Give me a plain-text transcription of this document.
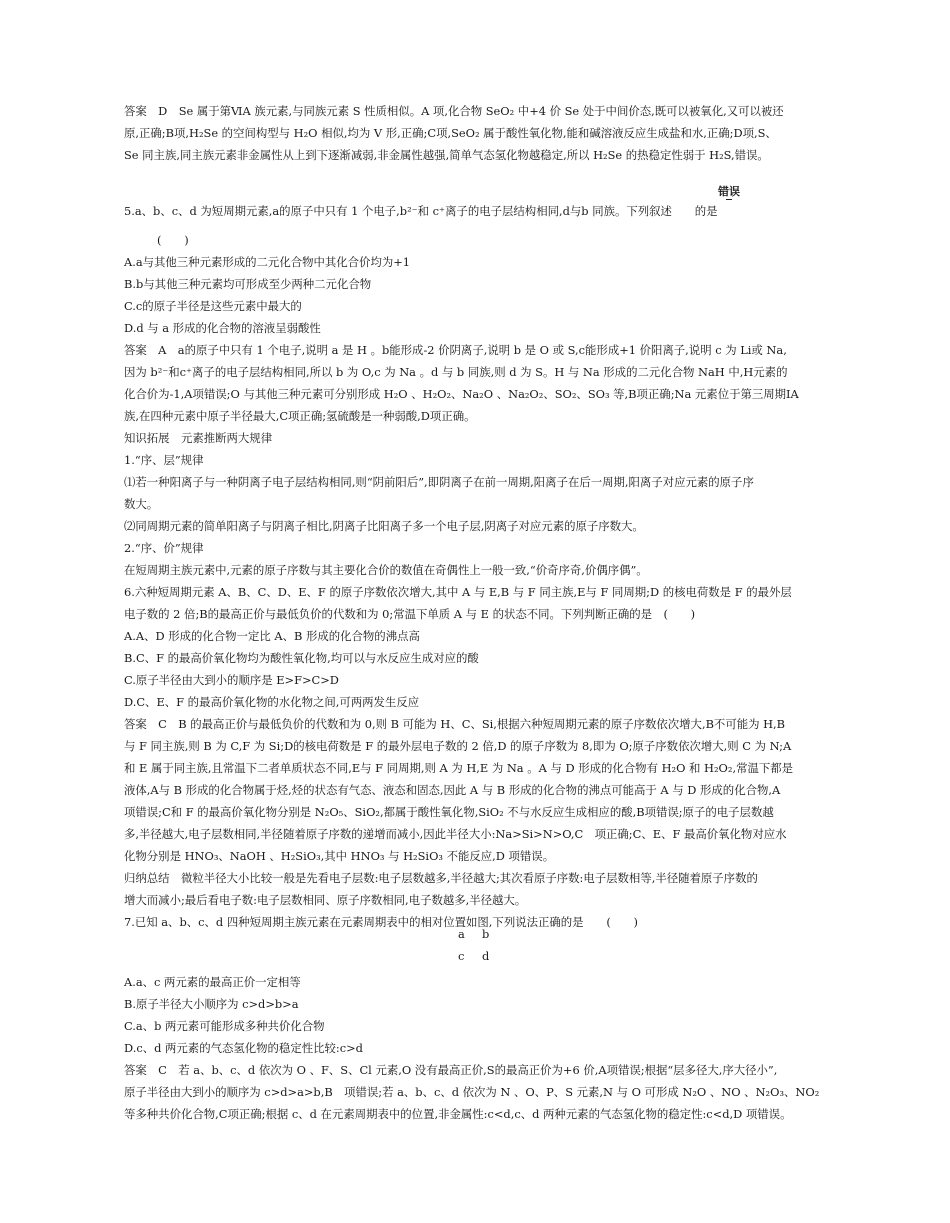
答案　D　Se 属于第ⅥA 族元素,与同族元素 S 性质相似。A 项,化合物 SeO₂ 中+4 价 Se 处于中间价态,既可以被氧化,又可以被还
原,正确;B项,H₂Se 的空间构型与 H₂O 相似,均为 V 形,正确;C项,SeO₂ 属于酸性氧化物,能和碱溶液反应生成盐和水,正确;D项,S、
Se 同主族,同主族元素非金属性从上到下逐渐减弱,非金属性越强,简单气态氢化物越稳定,所以 H₂Se 的热稳定性弱于 H₂S,错误。
错误
5.a、b、c、d 为短周期元素,a的原子中只有 1 个电子,b²⁻和 c⁺离子的电子层结构相同,d与b 同族。下列叙述　　的是
(　　)
A.a与其他三种元素形成的二元化合物中其化合价均为+1
B.b与其他三种元素均可形成至少两种二元化合物
C.c的原子半径是这些元素中最大的
D.d 与 a 形成的化合物的溶液呈弱酸性
答案　A　a的原子中只有 1 个电子,说明 a 是 H 。b能形成-2 价阴离子,说明 b 是 O 或 S,c能形成+1 价阳离子,说明 c 为 Li或 Na,
因为 b²⁻和c⁺离子的电子层结构相同,所以 b 为 O,c 为 Na 。d 与 b 同族,则 d 为 S。H 与 Na 形成的二元化合物 NaH 中,H元素的
化合价为-1,A项错误;O 与其他三种元素可分别形成 H₂O 、H₂O₂、Na₂O 、Na₂O₂、SO₂、SO₃ 等,B项正确;Na 元素位于第三周期ⅠA
族,在四种元素中原子半径最大,C项正确;氢硫酸是一种弱酸,D项正确。
知识拓展　元素推断两大规律
1.“序、层”规律
⑴若一种阳离子与一种阴离子电子层结构相同,则“阴前阳后”,即阴离子在前一周期,阳离子在后一周期,阳离子对应元素的原子序
数大。
⑵同周期元素的简单阳离子与阴离子相比,阴离子比阳离子多一个电子层,阴离子对应元素的原子序数大。
2.“序、价”规律
在短周期主族元素中,元素的原子序数与其主要化合价的数值在奇偶性上一般一致,“价奇序奇,价偶序偶”。
6.六种短周期元素 A、B、C、D、E、F 的原子序数依次增大,其中 A 与 E,B 与 F 同主族,E与 F 同周期;D 的核电荷数是 F 的最外层
电子数的 2 倍;B的最高正价与最低负价的代数和为 0;常温下单质 A 与 E 的状态不同。下列判断正确的是　(　　)
A.A、D 形成的化合物一定比 A、B 形成的化合物的沸点高
B.C、F 的最高价氧化物均为酸性氧化物,均可以与水反应生成对应的酸
C.原子半径由大到小的顺序是 E>F>C>D
D.C、E、F 的最高价氧化物的水化物之间,可两两发生反应
答案　C　B 的最高正价与最低负价的代数和为 0,则 B 可能为 H、C、Si,根据六种短周期元素的原子序数依次增大,B不可能为 H,B
与 F 同主族,则 B 为 C,F 为 Si;D的核电荷数是 F 的最外层电子数的 2 倍,D 的原子序数为 8,即为 O;原子序数依次增大,则 C 为 N;A
和 E 属于同主族,且常温下二者单质状态不同,E与 F 同周期,则 A 为 H,E 为 Na 。A 与 D 形成的化合物有 H₂O 和 H₂O₂,常温下都是
液体,A与 B 形成的化合物属于烃,烃的状态有气态、液态和固态,因此 A 与 B 形成的化合物的沸点可能高于 A 与 D 形成的化合物,A
项错误;C和 F 的最高价氧化物分别是 N₂O₅、SiO₂,都属于酸性氧化物,SiO₂ 不与水反应生成相应的酸,B项错误;原子的电子层数越
多,半径越大,电子层数相同,半径随着原子序数的递增而减小,因此半径大小:Na>Si>N>O,C　项正确;C、E、F 最高价氧化物对应水
化物分别是 HNO₃、NaOH 、H₂SiO₃,其中 HNO₃ 与 H₂SiO₃ 不能反应,D 项错误。
归纳总结　微粒半径大小比较一般是先看电子层数:电子层数越多,半径越大;其次看原子序数:电子层数相等,半径随着原子序数的
增大而减小;最后看电子数:电子层数相同、原子序数相同,电子数越多,半径越大。
7.已知 a、b、c、d 四种短周期主族元素在元素周期表中的相对位置如图,下列说法正确的是　　(　　)
a b
c d
A.a、c 两元素的最高正价一定相等
B.原子半径大小顺序为 c>d>b>a
C.a、b 两元素可能形成多种共价化合物
D.c、d 两元素的气态氢化物的稳定性比较:c>d
答案　C　若 a、b、c、d 依次为 O 、F、S、Cl 元素,O 没有最高正价,S的最高正价为+6 价,A项错误;根据“层多径大,序大径小”,
原子半径由大到小的顺序为 c>d>a>b,B　项错误;若 a、b、c、d 依次为 N 、O、P、S 元素,N 与 O 可形成 N₂O 、NO 、N₂O₃、NO₂
等多种共价化合物,C项正确;根据 c、d 在元素周期表中的位置,非金属性:c<d,c、d 两种元素的气态氢化物的稳定性:c<d,D 项错误。
